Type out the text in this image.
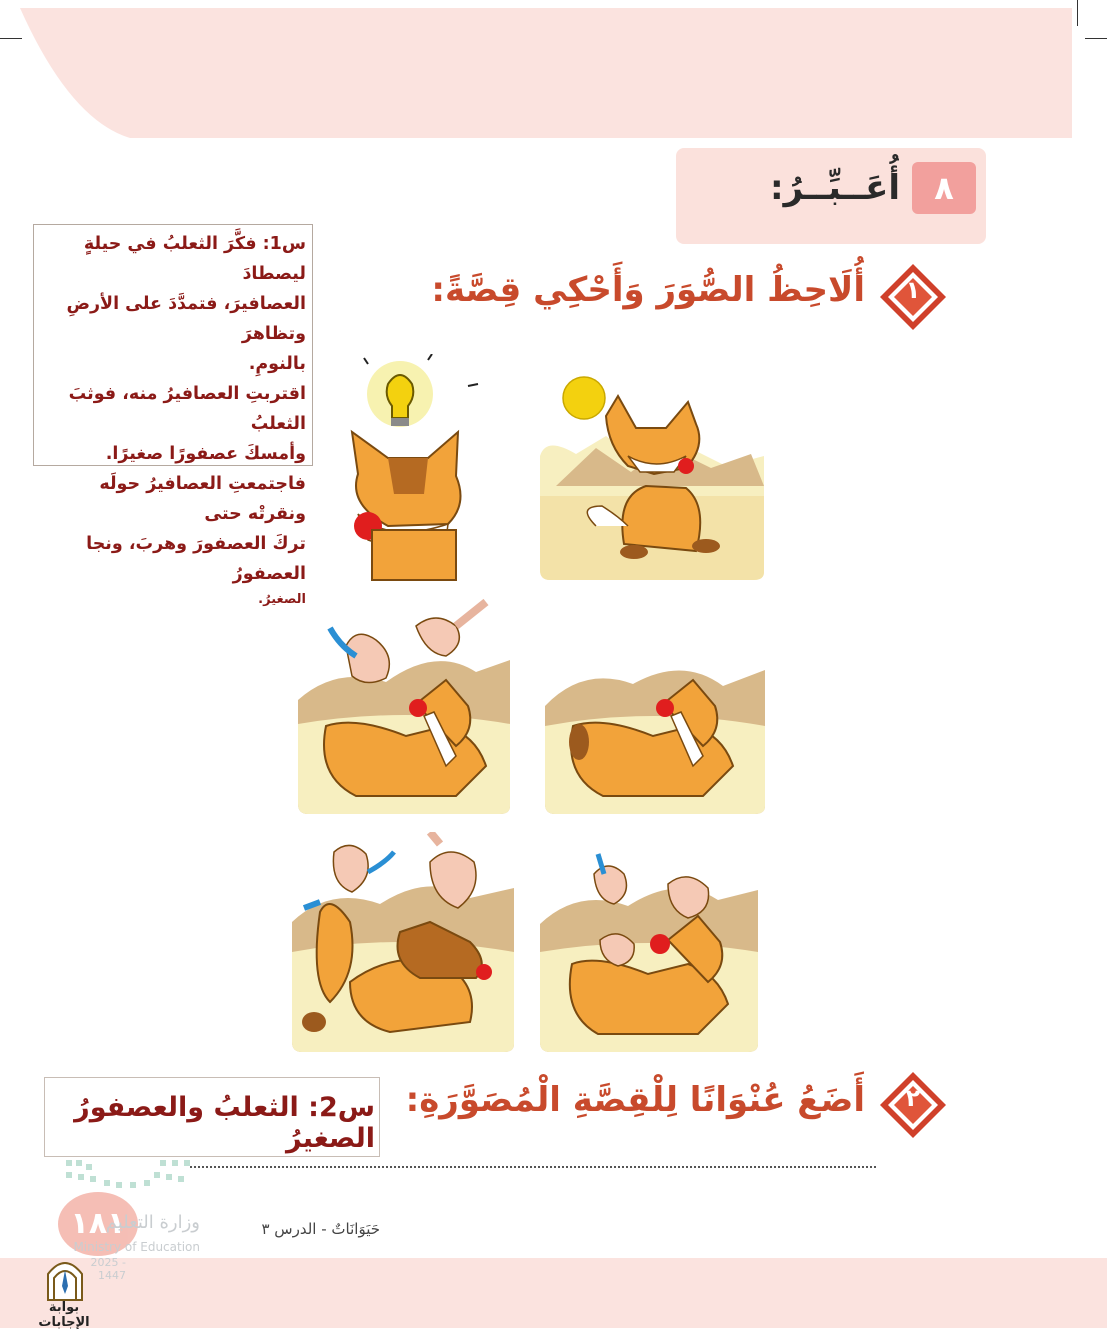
٨
أُعَــبِّــرُ:
س1: فكَّرَ الثعلبُ في حيلةٍ ليصطادَ
العصافيرَ، فتمدَّدَ على الأرضِ وتظاهرَ
بالنومِ.
اقتربتِ العصافيرُ منه، فوثبَ الثعلبُ
وأمسكَ عصفورًا صغيرًا.
فاجتمعتِ العصافيرُ حولَه ونقرتْه حتى
تركَ العصفورَ وهربَ، ونجا العصفورُ
الصغيرُ.
١
أُلَاحِظُ الصُّوَرَ وَأَحْكِي قِصَّةً:
٢
أَضَعُ عُنْوَانًا لِلْقِصَّةِ الْمُصَوَّرَةِ:
س2: الثعلبُ والعصفورُ الصغيرُ
حَيَوَانَاتٌ - الدرس ٣
١٨١
وزارة التعليم
Ministry of Education
2025 - 1447
بوابة الإجابات
